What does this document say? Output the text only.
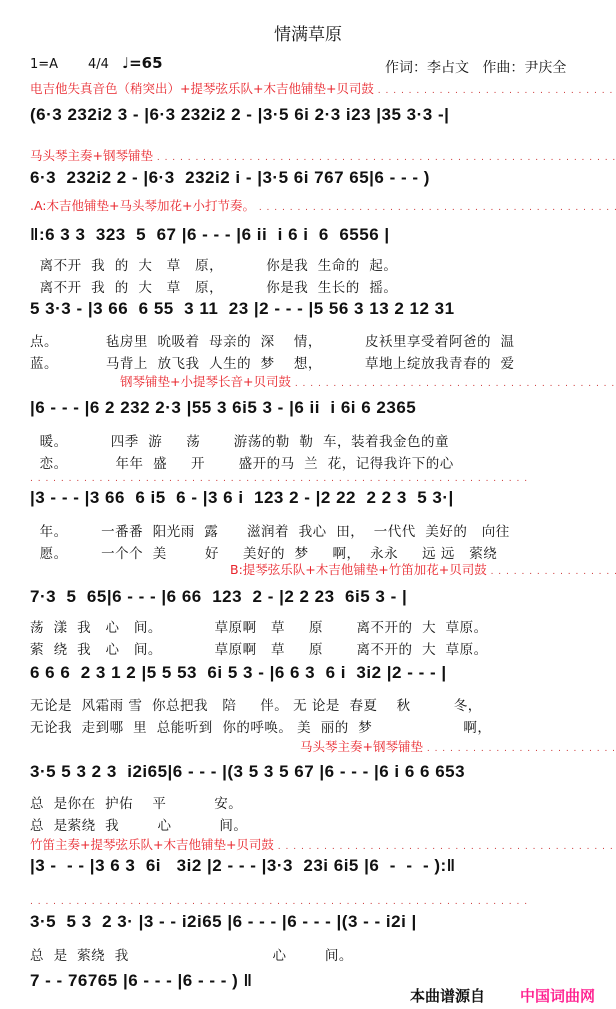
情满草原
1=A 4/4 ♩=65	作词：李占文   作曲：尹庆全
电吉他失真音色（稍突出）+提琴弦乐队+木吉他铺垫+贝司鼓 . . .
(6·3 232i2 3 - |6·3 232i2 2 - |3·5 6i 2·3 i23 |35 3·3 -|
马头琴主奏+钢琴铺垫 . . .
6·3  232i2 2 - |6·3  232i2 i - |3·5 6i 767 65|6 - - - )
.A:木吉他铺垫+马头琴加花+小打节奏。 . . .
‖:6 3 3  323  5  67 |6 - - - |6 ii  i 6 i  6  6556 |
离不开  我  的  大   草   原，         你是我  生命的  起。
离不开  我  的  大   草   原，         你是我  生长的  摇。
5 3·3 - |3 66  6 55  3 11  23 |2 - - - |5 56 3 13 2 12 31
点。          毡房里  吮吸着  母亲的  深    情，         皮袄里享受着阿爸的  温
蓝。          马背上  放飞我  人生的  梦    想，         草地上绽放我青春的  爱
钢琴铺垫+小提琴长音+贝司鼓 . . .
|6 - - - |6 2 232 2·3 |55 3 6i5 3 - |6 ii  i 6i 6 2365
暖。         四季  游     荡       游荡的勒  勒  车，装着我金色的童
恋。          年年  盛     开       盛开的马  兰  花，记得我许下的心
. . . . . . . . . . . . . . . . . . . . . . . . . . . . . . . . . . . . . . . . . . . . . . . . . . . . . . . . . . . . . . . . .
|3 - - - |3 66  6 i5  6 - |3 6 i  123 2 - |2 22  2 2 3  5 3·|
年。       一番番  阳光雨  露      滋润着  我心  田，  一代代  美好的   向往
愿。       一个个  美        好     美好的  梦     啊，  永永     远 远   萦绕
B:提琴弦乐队+木吉他铺垫+竹笛加花+贝司鼓 . . .
7·3  5  65|6 - - - |6 66  123  2 - |2 2 23  6i5 3 - |
荡  漾  我   心   间。           草原啊   草     原       离不开的  大  草原。
萦  绕  我   心   间。           草原啊   草     原       离不开的  大  草原。
6 6 6  2 3 1 2 |5 5 53  6i 5 3 - |6 6 3  6 i  3i2 |2 - - - |
无论是  风霜雨 雪  你总把我   陪     伴。 无 论是  春夏    秋         冬，
无论我  走到哪  里  总能听到  你的呼唤。 美  丽的  梦                   啊，
马头琴主奏+钢琴铺垫 . . .
3·5 5 3 2 3  i2i65|6 - - - |(3 5 3 5 67 |6 - - - |6 i 6 6 653
总  是你在  护佑    平          安。
总  是萦绕  我        心          间。
竹笛主奏+提琴弦乐队+木吉他铺垫+贝司鼓 . . .
|3 -  - - |3 6 3  6i   3i2 |2 - - - |3·3  23i 6i5 |6  -  -  - ):‖
. . . . . . . . . . . . . . . . . . . . . . . . . . . . . . . . . . . . . . . . . . . . . . . . . . . . . . . . . . . . . . . . .
3·5  5 3  2 3· |3 - - i2i65 |6 - - - |6 - - - |(3 - - i2i |
总  是  萦绕  我                              心        间。
7 - - 76765 |6 - - - |6 - - - ) ‖
本曲谱源自 中国词曲网
